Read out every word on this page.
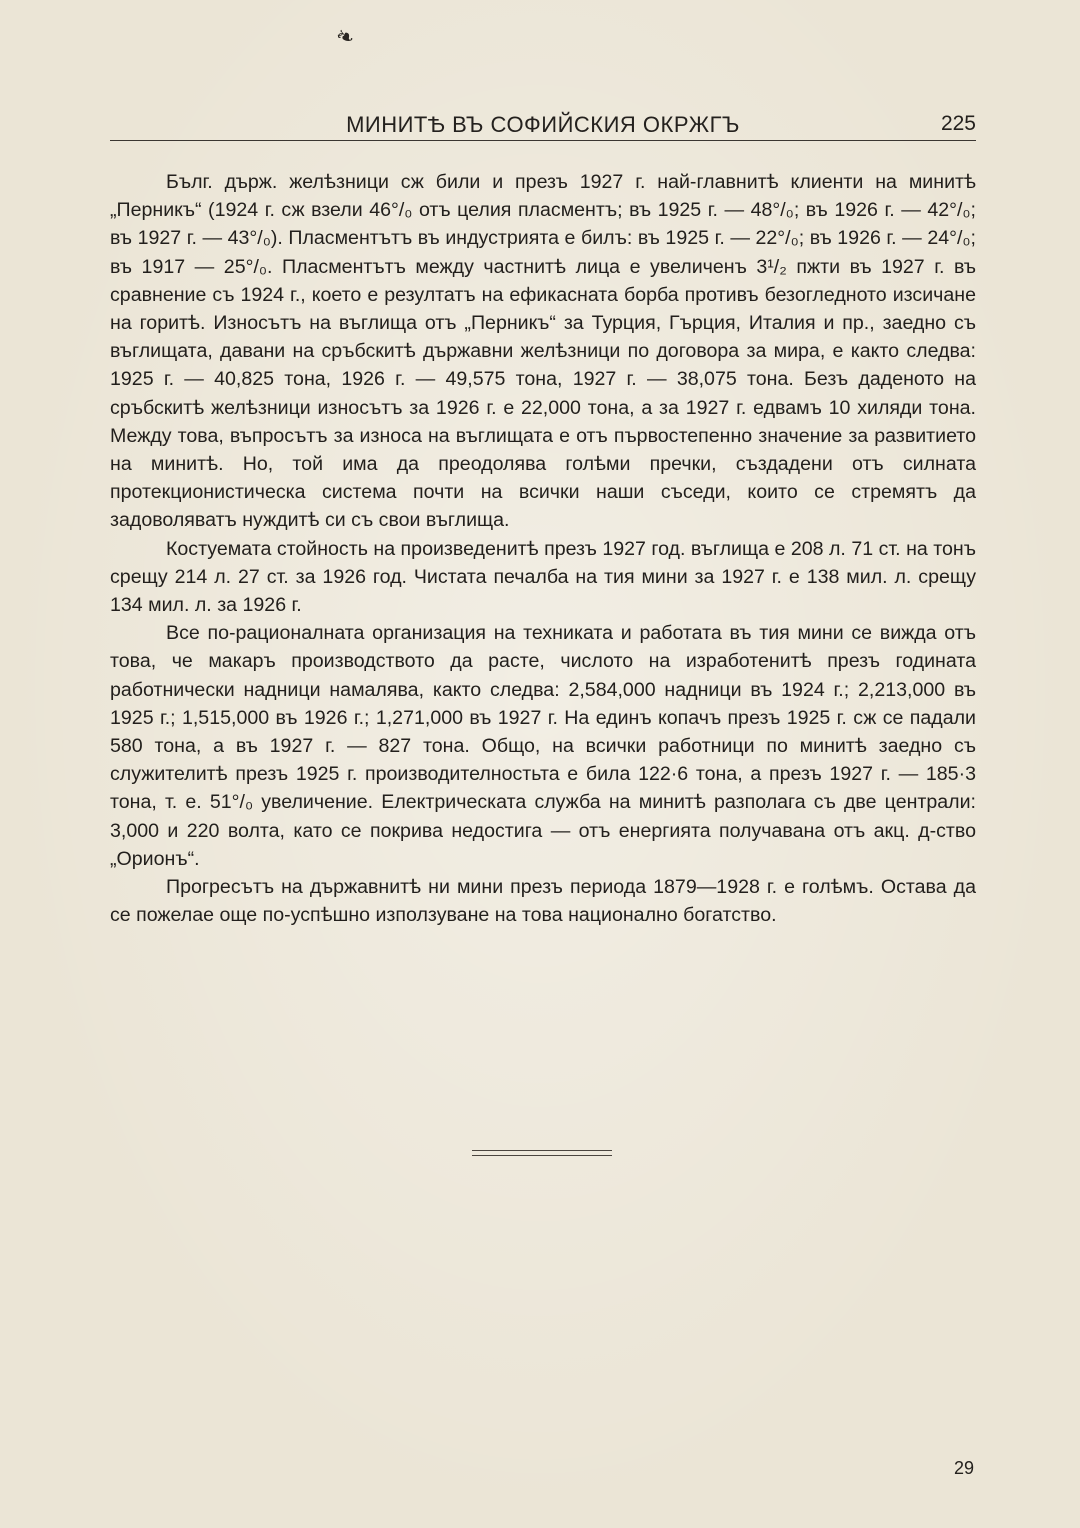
❧
МИНИТѢ ВЪ СОФИЙСКИЯ ОКРЖГЪ	225

Бълг. държ. желѣзници сж били и презъ 1927 г. най-главнитѣ клиенти на минитѣ „Перникъ“ (1924 г. сж взели 46°/₀ отъ целия пласментъ; въ 1925 г. — 48°/₀; въ 1926 г. — 42°/₀; въ 1927 г. — 43°/₀). Пласментътъ въ индустрията е билъ: въ 1925 г. — 22°/₀; въ 1926 г. — 24°/₀; въ 1917 — 25°/₀. Пласментътъ между частнитѣ лица е увеличенъ 3¹/₂ пжти въ 1927 г. въ сравнение съ 1924 г., което е резултатъ на ефикасната борба противъ безогледното изсичане на горитѣ. Износътъ на въглища отъ „Перникъ“ за Турция, Гърция, Италия и пр., заедно съ въглищата, давани на сръбскитѣ държавни желѣзници по договора за мира, е както следва: 1925 г. — 40,825 тона, 1926 г. — 49,575 тона, 1927 г. — 38,075 тона. Безъ даденото на сръбскитѣ желѣзници износътъ за 1926 г. е 22,000 тона, а за 1927 г. едвамъ 10 хиляди тона. Между това, въпросътъ за износа на въглищата е отъ първостепенно значение за развитието на минитѣ. Но, той има да преодолява голѣми пречки, създадени отъ силната протекционистическа система почти на всички наши съседи, които се стремятъ да задоволяватъ нуждитѣ си съ свои въглища.

Костуемата стойность на произведенитѣ презъ 1927 год. въглища е 208 л. 71 ст. на тонъ срещу 214 л. 27 ст. за 1926 год. Чистата печалба на тия мини за 1927 г. е 138 мил. л. срещу 134 мил. л. за 1926 г.

Все по-рационалната организация на техниката и работата въ тия мини се вижда отъ това, че макаръ производството да расте, числото на изработенитѣ презъ годината работнически надници намалява, както следва: 2,584,000 надници въ 1924 г.; 2,213,000 въ 1925 г.; 1,515,000 въ 1926 г.; 1,271,000 въ 1927 г. На единъ копачъ презъ 1925 г. сж се падали 580 тона, а въ 1927 г. — 827 тона. Общо, на всички работници по минитѣ заедно съ служителитѣ презъ 1925 г. производителностьта е била 122·6 тона, а презъ 1927 г. — 185·3 тона, т. е. 51°/₀ увеличение. Електрическата служба на минитѣ разполага съ две централи: 3,000 и 220 волта, като се покрива недостига — отъ енергията получавана отъ акц. д-ство „Орионъ“.

Прогресътъ на държавнитѣ ни мини презъ периода 1879—1928 г. е голѣмъ. Остава да се пожелае още по-успѣшно използуване на това национално богатство.

29
